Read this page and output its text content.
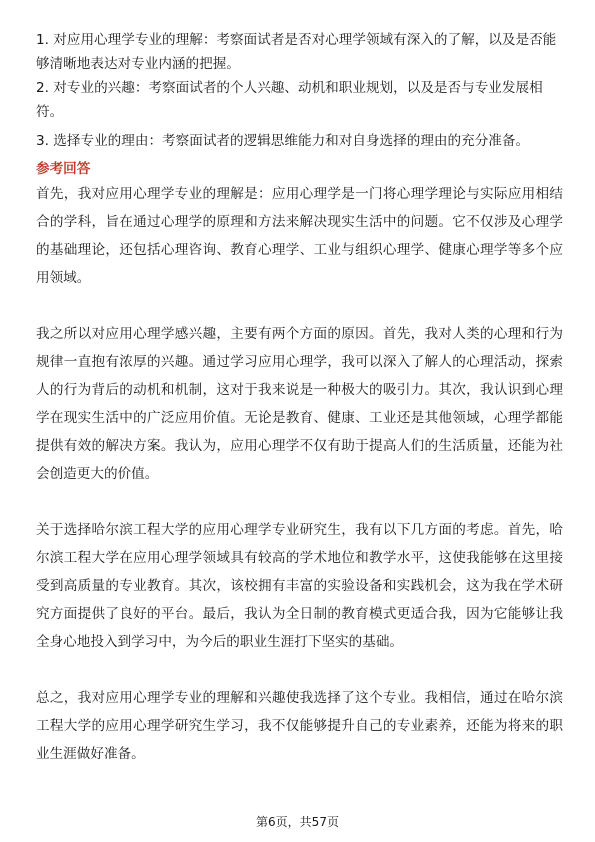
1. 对应用心理学专业的理解：考察面试者是否对心理学领域有深入的了解，以及是否能够清晰地表达对专业内涵的把握。

2. 对专业的兴趣：考察面试者的个人兴趣、动机和职业规划，以及是否与专业发展相符。

3. 选择专业的理由：考察面试者的逻辑思维能力和对自身选择的理由的充分准备。

参考回答

首先，我对应用心理学专业的理解是：应用心理学是一门将心理学理论与实际应用相结合的学科，旨在通过心理学的原理和方法来解决现实生活中的问题。它不仅涉及心理学的基础理论，还包括心理咨询、教育心理学、工业与组织心理学、健康心理学等多个应用领域。

我之所以对应用心理学感兴趣，主要有两个方面的原因。首先，我对人类的心理和行为规律一直抱有浓厚的兴趣。通过学习应用心理学，我可以深入了解人的心理活动，探索人的行为背后的动机和机制，这对于我来说是一种极大的吸引力。其次，我认识到心理学在现实生活中的广泛应用价值。无论是教育、健康、工业还是其他领域，心理学都能提供有效的解决方案。我认为，应用心理学不仅有助于提高人们的生活质量，还能为社会创造更大的价值。

关于选择哈尔滨工程大学的应用心理学专业研究生，我有以下几方面的考虑。首先，哈尔滨工程大学在应用心理学领域具有较高的学术地位和教学水平，这使我能够在这里接受到高质量的专业教育。其次，该校拥有丰富的实验设备和实践机会，这为我在学术研究方面提供了良好的平台。最后，我认为全日制的教育模式更适合我，因为它能够让我全身心地投入到学习中，为今后的职业生涯打下坚实的基础。

总之，我对应用心理学专业的理解和兴趣使我选择了这个专业。我相信，通过在哈尔滨工程大学的应用心理学研究生学习，我不仅能够提升自己的专业素养，还能为将来的职业生涯做好准备。

第6页，共57页
